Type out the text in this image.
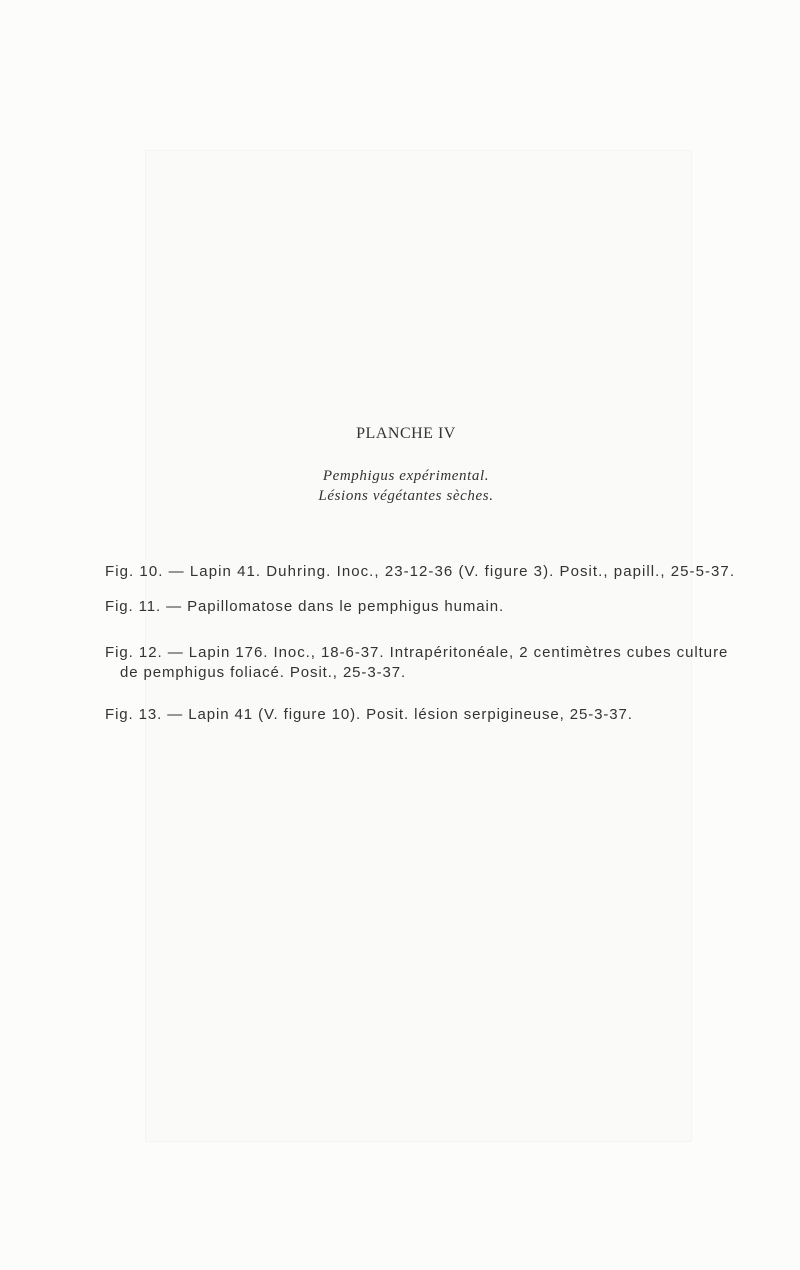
PLANCHE IV
Pemphigus expérimental.
Lésions végétantes sèches.
Fig. 10. — Lapin 41. Duhring. Inoc., 23-12-36 (V. figure 3). Posit., papill., 25-5-37.
Fig. 11. — Papillomatose dans le pemphigus humain.
Fig. 12. — Lapin 176. Inoc., 18-6-37. Intrapéritonéale, 2 centimètres cubes culture
de pemphigus foliacé. Posit., 25-3-37.
Fig. 13. — Lapin 41 (V. figure 10). Posit. lésion serpigineuse, 25-3-37.
